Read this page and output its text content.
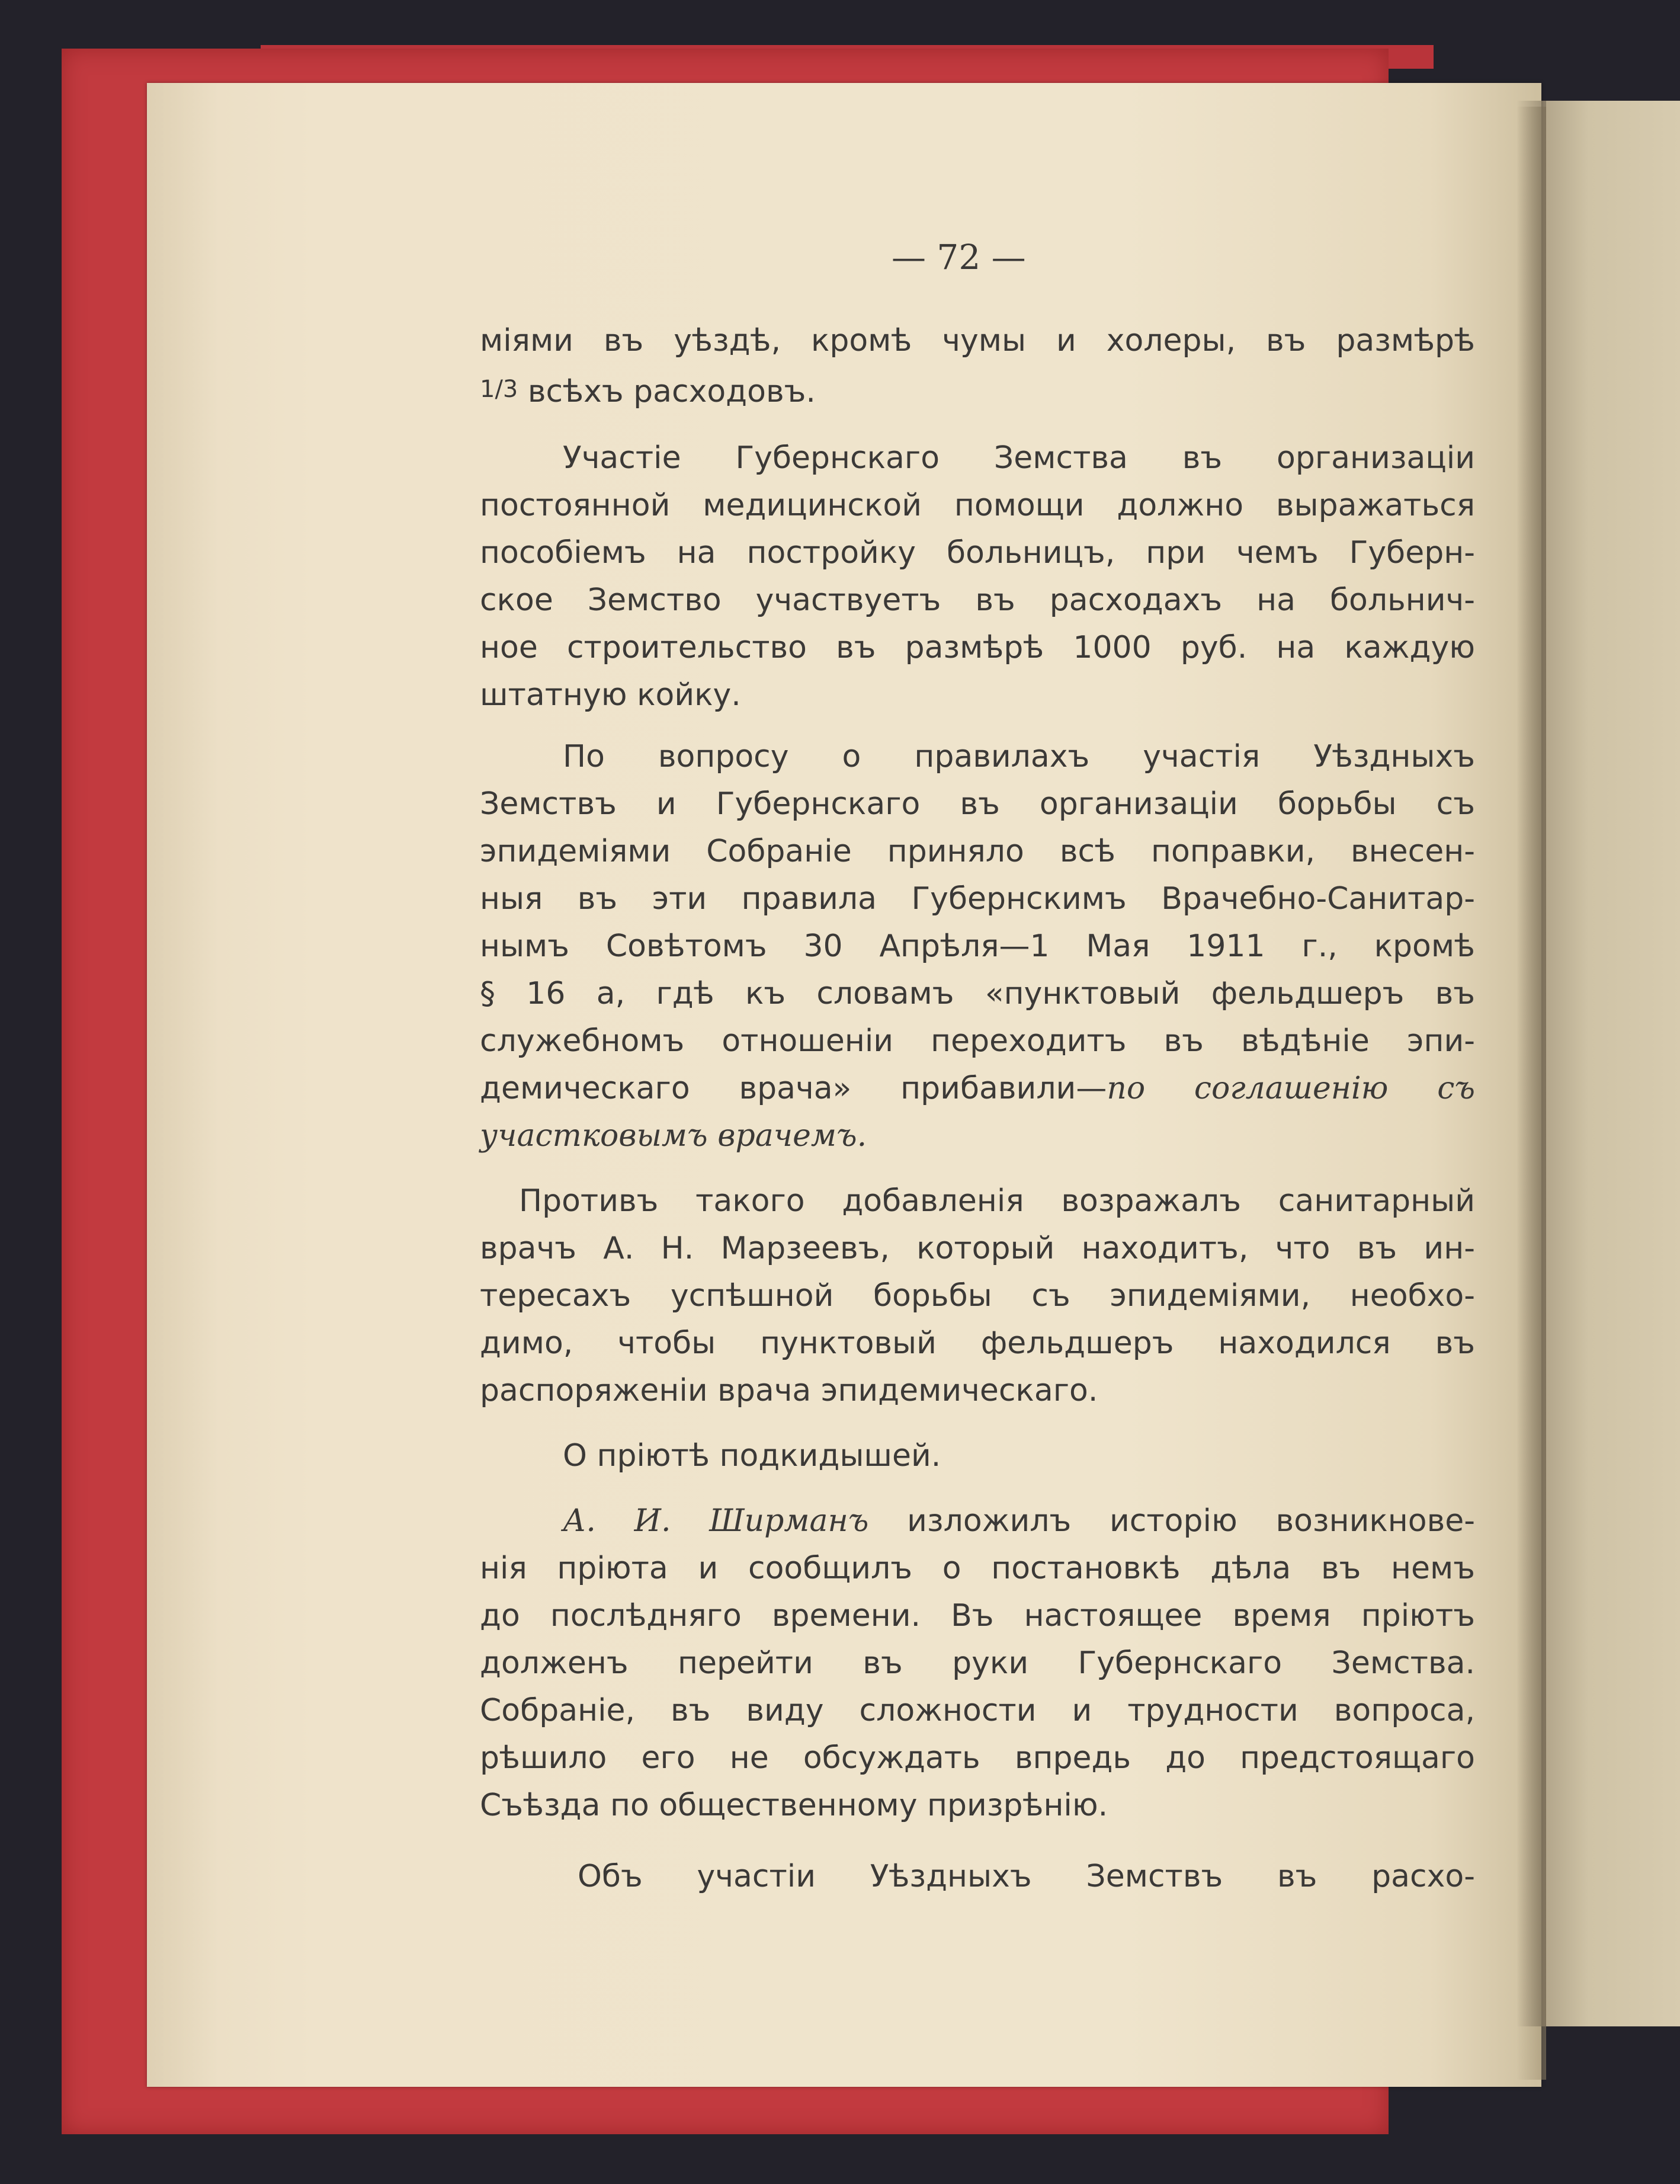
— 72 —
міями въ уѣздѣ, кромѣ чумы и холеры, въ размѣрѣ
1/3 всѣхъ расходовъ.
Участіе Губернскаго Земства въ организаціи
постоянной медицинской помощи должно выражаться
пособіемъ на постройку больницъ, при чемъ Губерн-
ское Земство участвуетъ въ расходахъ на больнич-
ное строительство въ размѣрѣ 1000 руб. на каждую
штатную койку.
По вопросу о правилахъ участія Уѣздныхъ
Земствъ и Губернскаго въ организаціи борьбы съ
эпидеміями Собраніе приняло всѣ поправки, внесен-
ныя въ эти правила Губернскимъ Врачебно-Санитар-
нымъ Совѣтомъ 30 Апрѣля—1 Мая 1911 г., кромѣ
§ 16 а, гдѣ къ словамъ «пунктовый фельдшеръ въ
служебномъ отношеніи переходитъ въ вѣдѣніе эпи-
демическаго врача» прибавили—по соглашенію съ
участковымъ врачемъ.
Противъ такого добавленія возражалъ санитарный
врачъ А. Н. Марзеевъ, который находитъ, что въ ин-
тересахъ успѣшной борьбы съ эпидеміями, необхо-
димо, чтобы пунктовый фельдшеръ находился въ
распоряженіи врача эпидемическаго.
О пріютѣ подкидышей.
А. И. Ширманъ изложилъ исторію возникнове-
нія пріюта и сообщилъ о постановкѣ дѣла въ немъ
до послѣдняго времени. Въ настоящее время пріютъ
долженъ перейти въ руки Губернскаго Земства.
Собраніе, въ виду сложности и трудности вопроса,
рѣшило его не обсуждать впредь до предстоящаго
Съѣзда по общественному призрѣнію.
Объ участіи Уѣздныхъ Земствъ въ расхо-
